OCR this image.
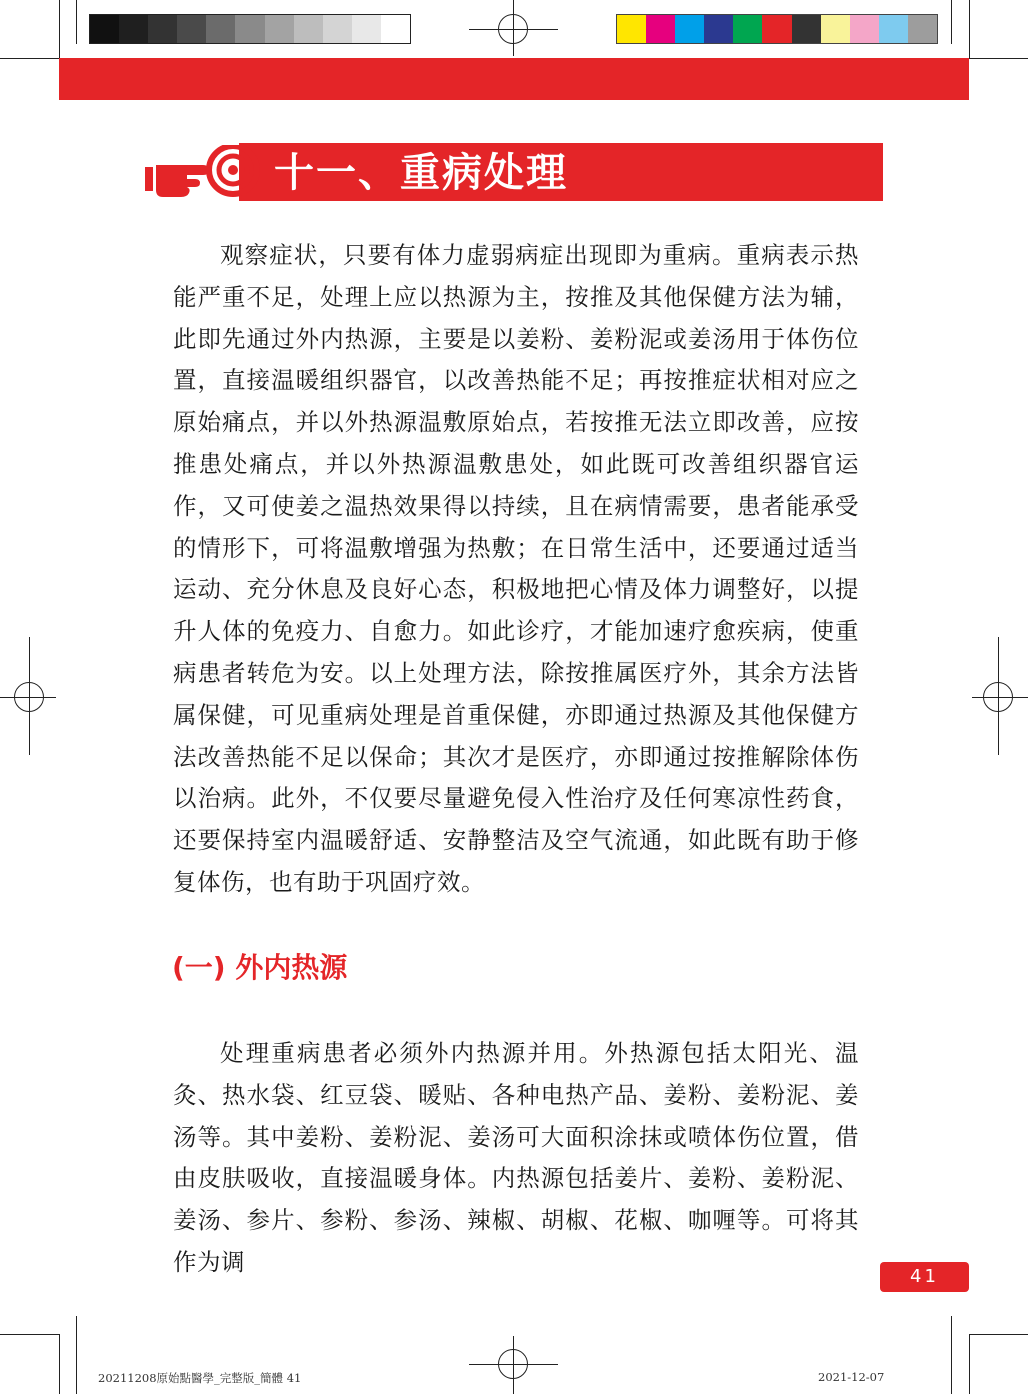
十一、重病处理

观察症状，只要有体力虚弱病症出现即为重病。重病表示热能严重不足，处理上应以热源为主，按推及其他保健方法为辅，此即先通过外内热源，主要是以姜粉、姜粉泥或姜汤用于体伤位置，直接温暖组织器官，以改善热能不足；再按推症状相对应之原始痛点，并以外热源温敷原始点，若按推无法立即改善，应按推患处痛点，并以外热源温敷患处，如此既可改善组织器官运作，又可使姜之温热效果得以持续，且在病情需要，患者能承受的情形下，可将温敷增强为热敷；在日常生活中，还要通过适当运动、充分休息及良好心态，积极地把心情及体力调整好，以提升人体的免疫力、自愈力。如此诊疗，才能加速疗愈疾病，使重病患者转危为安。以上处理方法，除按推属医疗外，其余方法皆属保健，可见重病处理是首重保健，亦即通过热源及其他保健方法改善热能不足以保命；其次才是医疗，亦即通过按推解除体伤以治病。此外，不仅要尽量避免侵入性治疗及任何寒凉性药食，还要保持室内温暖舒适、安静整洁及空气流通，如此既有助于修复体伤，也有助于巩固疗效。

(一) 外内热源

处理重病患者必须外内热源并用。外热源包括太阳光、温灸、热水袋、红豆袋、暖贴、各种电热产品、姜粉、姜粉泥、姜汤等。其中姜粉、姜粉泥、姜汤可大面积涂抹或喷体伤位置，借由皮肤吸收，直接温暖身体。内热源包括姜片、姜粉、姜粉泥、姜汤、参片、参粉、参汤、辣椒、胡椒、花椒、咖喱等。可将其作为调

41
20211208原始點醫學_完整版_簡體 41	2021-12-07
